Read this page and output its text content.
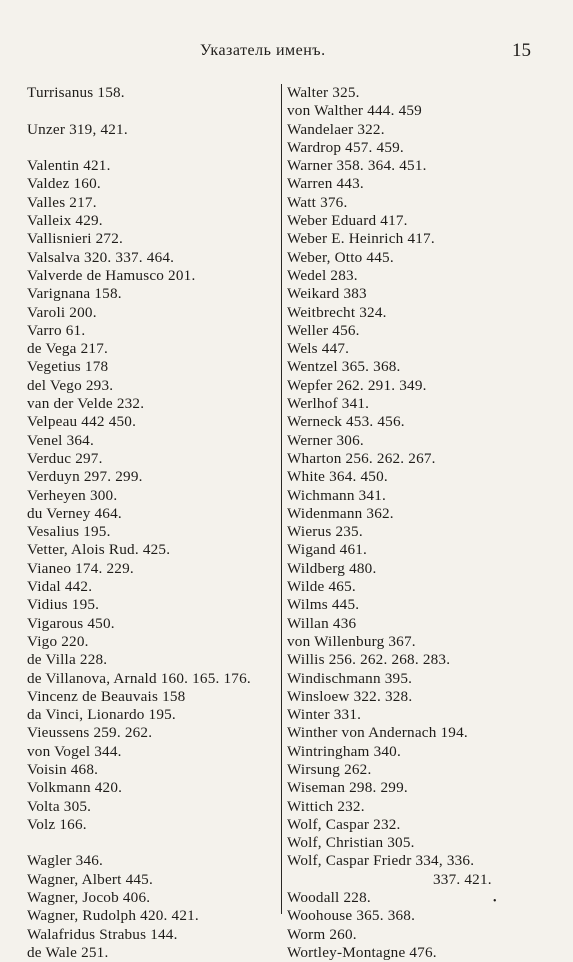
Указатель именъ.	15
Turrisanus 158.
Unzer 319, 421.
Valentin 421.
Valdez 160.
Valles 217.
Valleix 429.
Vallisnieri 272.
Valsalva 320. 337. 464.
Valverde de Hamusco 201.
Varignana 158.
Varoli 200.
Varro 61.
de Vega 217.
Vegetius 178
del Vego 293.
van der Velde 232.
Velpeau 442 450.
Venel 364.
Verduc 297.
Verduyn 297. 299.
Verheyen 300.
du Verney 464.
Vesalius 195.
Vetter, Alois Rud. 425.
Vianeo 174. 229.
Vidal 442.
Vidius 195.
Vigarous 450.
Vigo 220.
de Villa 228.
de Villanova, Arnald 160. 165. 176.
Vincenz de Beauvais 158
da Vinci, Lionardo 195.
Vieussens 259. 262.
von Vogel 344.
Voisin 468.
Volkmann 420.
Volta 305.
Volz 166.
Wagler 346.
Wagner, Albert 445.
Wagner, Jocob 406.
Wagner, Rudolph 420. 421.
Walafridus Strabus 144.
de Wale 251.
Walter 325.
von Walther 444. 459
Wandelaer 322.
Wardrop 457. 459.
Warner 358. 364. 451.
Warren 443.
Watt 376.
Weber Eduard 417.
Weber E. Heinrich 417.
Weber, Otto 445.
Wedel 283.
Weikard 383
Weitbrecht 324.
Weller 456.
Wels 447.
Wentzel 365. 368.
Wepfer 262. 291. 349.
Werlhof 341.
Werneck 453. 456.
Werner 306.
Wharton 256. 262. 267.
White 364. 450.
Wichmann 341.
Widenmann 362.
Wierus 235.
Wigand 461.
Wildberg 480.
Wilde 465.
Wilms 445.
Willan 436
von Willenburg 367.
Willis 256. 262. 268. 283.
Windischmann 395.
Winsloew 322. 328.
Winter 331.
Winther von Andernach 194.
Wintringham 340.
Wirsung 262.
Wiseman 298. 299.
Wittich 232.
Wolf, Caspar 232.
Wolf, Christian 305.
Wolf, Caspar Friedr 334, 336.
337. 421.
Woodall 228.
Woohouse 365. 368.
Worm 260.
Wortley-Montagne 476.
•
